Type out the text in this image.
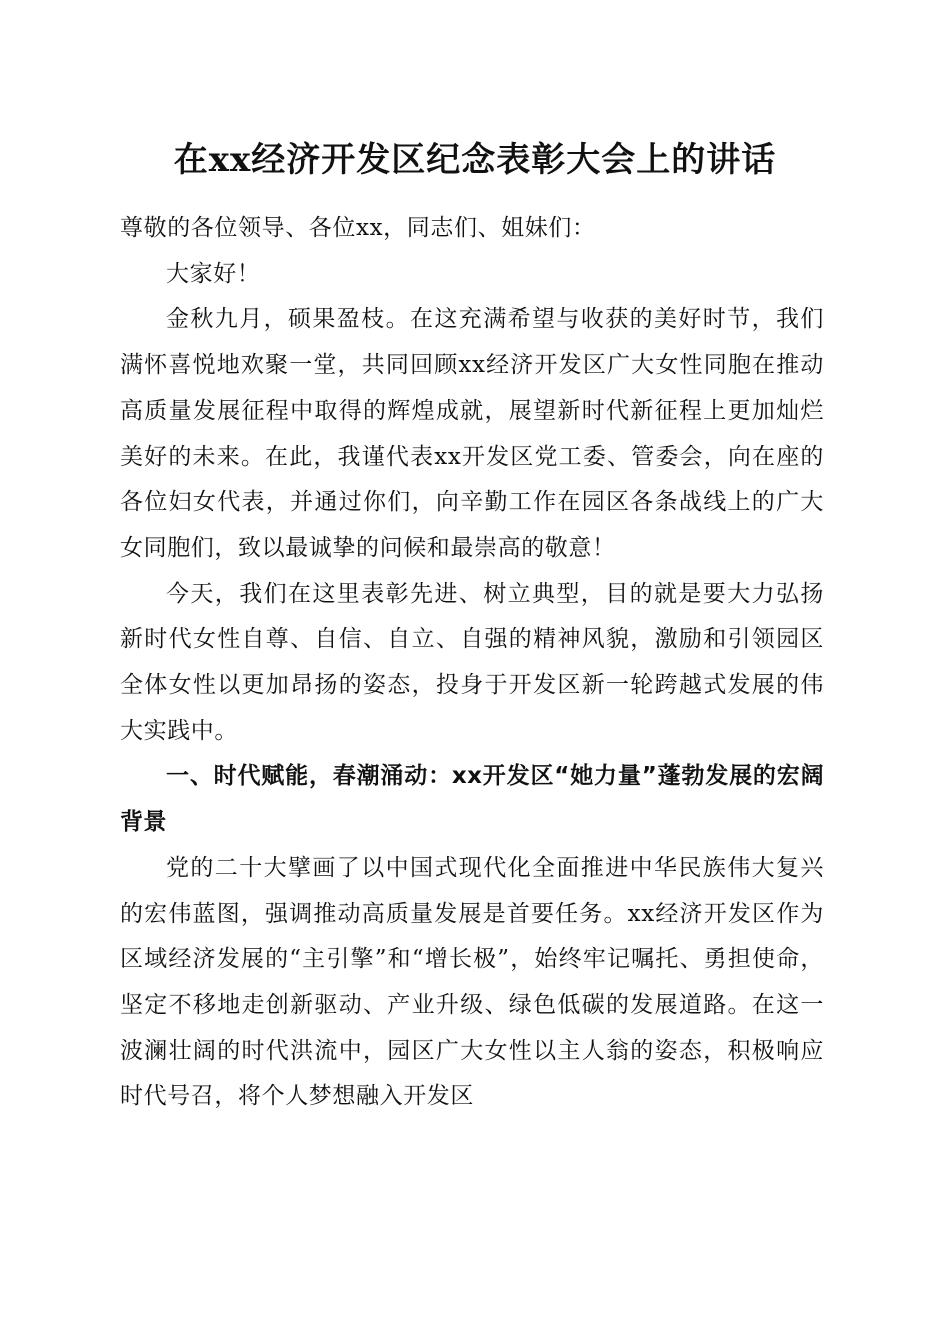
在xx经济开发区纪念表彰大会上的讲话

尊敬的各位领导、各位xx，同志们、姐妹们：

大家好！

金秋九月，硕果盈枝。在这充满希望与收获的美好时节，我们满怀喜悦地欢聚一堂，共同回顾xx经济开发区广大女性同胞在推动高质量发展征程中取得的辉煌成就，展望新时代新征程上更加灿烂美好的未来。在此，我谨代表xx开发区党工委、管委会，向在座的各位妇女代表，并通过你们，向辛勤工作在园区各条战线上的广大女同胞们，致以最诚挚的问候和最崇高的敬意！

今天，我们在这里表彰先进、树立典型，目的就是要大力弘扬新时代女性自尊、自信、自立、自强的精神风貌，激励和引领园区全体女性以更加昂扬的姿态，投身于开发区新一轮跨越式发展的伟大实践中。

一、时代赋能，春潮涌动：xx开发区“她力量”蓬勃发展的宏阔背景

党的二十大擘画了以中国式现代化全面推进中华民族伟大复兴的宏伟蓝图，强调推动高质量发展是首要任务。xx经济开发区作为区域经济发展的“主引擎”和“增长极”，始终牢记嘱托、勇担使命，坚定不移地走创新驱动、产业升级、绿色低碳的发展道路。在这一波澜壮阔的时代洪流中，园区广大女性以主人翁的姿态，积极响应时代号召，将个人梦想融入开发区
